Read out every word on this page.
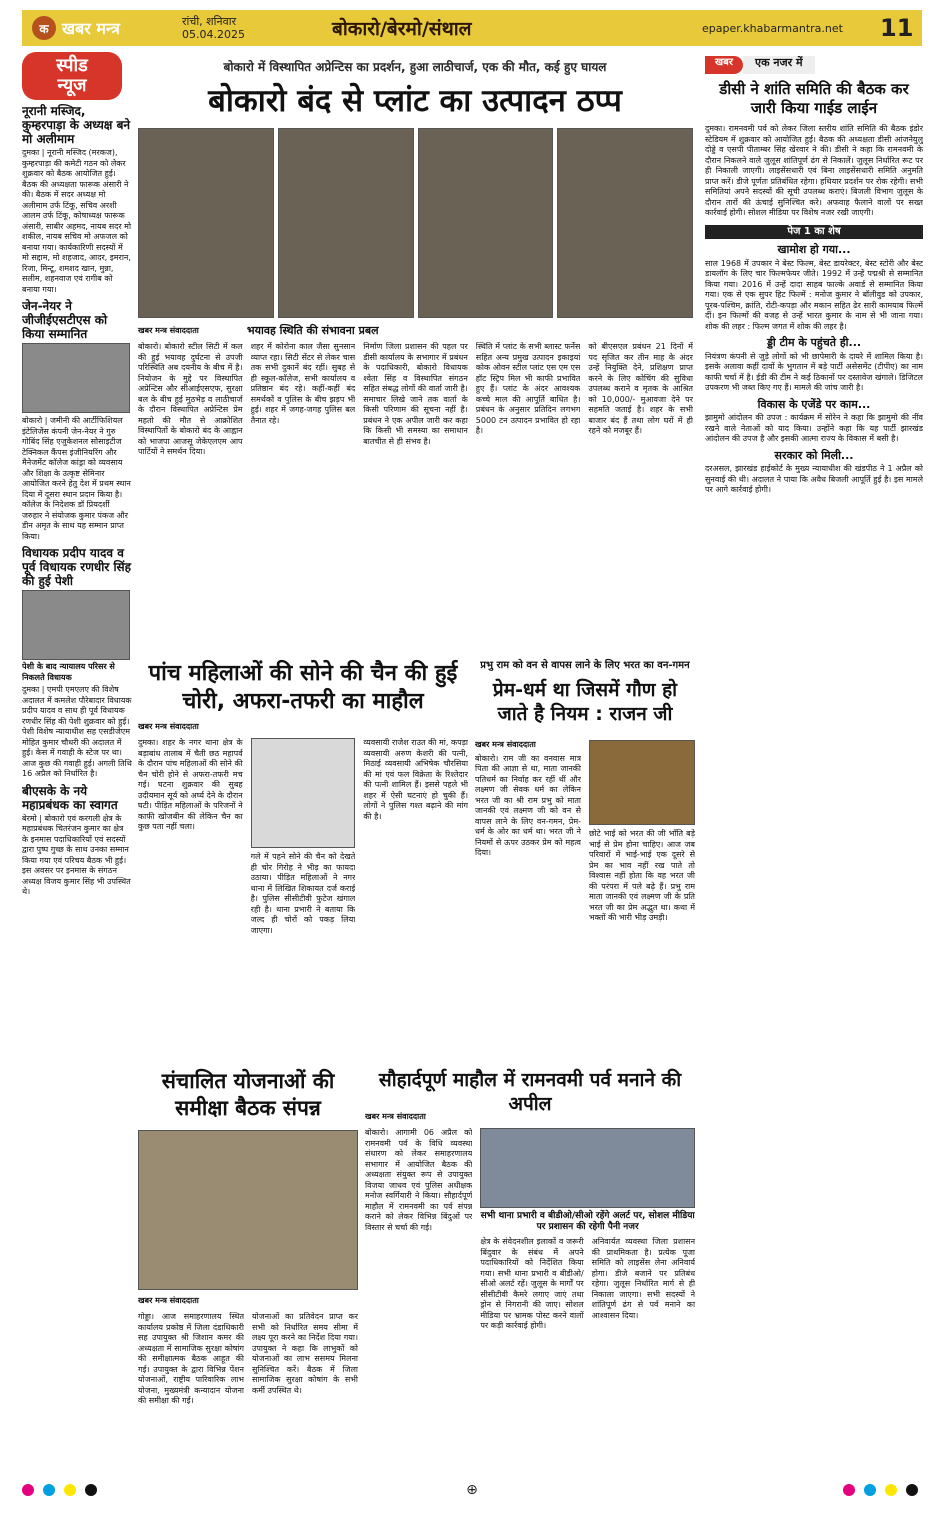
क खबर मन्त्र	रांची, शनिवार
05.04.2025	बोकारो/बेरमो/संथाल	epaper.khabarmantra.net	11
स्पीड
न्यूज
नूरानी मस्जिद, कुम्हरपाड़ा के अध्यक्ष बने मो अलीमाम
दुमका | नूरानी मस्जिद (मरकज), कुम्हरपाड़ा की कमेटी गठन को लेकर शुक्रवार को बैठक आयोजित हुई। बैठक की अध्यक्षता फारूक अंसारी ने की। बैठक में सदर अध्यक्ष मो अलीमाम उर्फ टिंकू, सचिव अरशी आलम उर्फ टिंकू, कोषाध्यक्ष फारूक अंसारी, साबीर अहमद, नायब सदर मो शकील, नायब सचिव मो अफजल को बनाया गया। कार्यकारिणी सदस्यों में मो सद्दाम, मो शहजाद, आदर, इमरान, रिजा, मिन्टू, शमशद खान, मुन्ना, सलीम, शहनवाज एवं रागीब को बनाया गया।
जेन-नेयर ने जीजीईएसटीएस को किया सम्मानित
बोकारो | जमीनी की आर्टीफिशियल इंटेलिजेंस कंपनी जेन-नेयर ने गुरु गोबिंद सिंह एजुकेशनल सोसाइटीज टेक्निकल कैंपस इंजीनियरिंग और मैनेजमेंट कॉलेज कांड्रा को व्यवसाय और शिक्षा के उत्कृष्ट सेमिनार आयोजित करने हेतु देश में प्रथम स्थान दिया में दूसरा स्थान प्रदान किया है। कॉलेज के निदेशक डॉ प्रियदर्शी जरुहार ने संयोजक कुमार पंकज और डीन अमृत के साथ यह सम्मान प्राप्त किया।
विधायक प्रदीप यादव व पूर्व विधायक रणधीर सिंह की हुई पेशी
पेशी के बाद न्यायालय परिसर से निकलते विधायक
दुमका | एमपी एमएलए की विशेष अदालत में कमलेश पौरेबादार विधायक प्रदीप यादव व साथ ही पूर्व विधायक रणधीर सिंह की पेशी शुक्रवार को हुई। पेशी विशेष न्यायाधीश सह एसडीजेएम मोहित कुमार चौधरी की अदालत में हुई। केस में गवाही के स्टेज पर था। आज कुछ की गवाही हुई। अगली तिथि 16 अप्रैल को निर्धारित है।
बीएसके के नये महाप्रबंधक का स्वागत
बेरमो | बोकारो एवं करगली क्षेत्र के महाप्रबंधक चितरंजन कुमार का क्षेत्र के इनमास पदाधिकारियों एवं सदस्यों द्वारा पुष्प गुच्छ के साथ उनका सम्मान किया गया एवं परिचय बैठक भी हुई। इस अवसर पर इनमास के संगठन अध्यक्ष विजय कुमार सिंह भी उपस्थित थे।
बोकारो में विस्थापित अप्रेन्टिस का प्रदर्शन, हुआ लाठीचार्ज, एक की मौत, कई हुए घायल
बोकारो बंद से प्लांट का उत्पादन ठप्प
खबर मन्त्र संवाददाता	भयावह स्थिति की संभावना प्रबल
बोकारो। बोकारो स्टील सिटी में कल की हुई भयावह दुर्घटना से उपजी परिस्थिति अब दयनीय के बीच में है। नियोजन के मुद्दे पर विस्थापित अप्रेन्टिस और सीआईएसएफ, सुरक्षा बल के बीच हुई मुठभेड़ व लाठीचार्ज के दौरान विस्थापित अप्रेन्टिस प्रेम महतो की मौत से आक्रोशित विस्थापितों के बोकारो बंद के आह्वान को भाजपा आजसू जेकेएलएम आप पार्टियों ने समर्थन दिया।
शहर में कोरोना काल जैसा सुनसान व्याप्त रहा। सिटी सेंटर से लेकर चास तक सभी दुकानें बंद रहीं। सुबह से ही स्कूल-कॉलेज, सभी कार्यालय व प्रतिष्ठान बंद रहे। कहीं-कहीं बंद समर्थकों व पुलिस के बीच झड़प भी हुई। शहर में जगह-जगह पुलिस बल तैनात रहे।
निर्माण जिला प्रशासन की पहल पर डीसी कार्यालय के सभागार में प्रबंधन के पदाधिकारी, बोकारो विधायक श्वेता सिंह व विस्थापित संगठन सहित संबद्ध लोगों की वार्ता जारी है। समाचार लिखे जाने तक वार्ता के किसी परिणाम की सूचना नहीं है। प्रबंधन ने एक अपील जारी कर कहा कि किसी भी समस्या का समाधान बातचीत से ही संभव है।
स्थिति में प्लांट के सभी ब्लास्ट फर्नेस सहित अन्य प्रमुख उत्पादन इकाइयां कोक ओवन स्टील प्लांट एस एम एस हॉट स्ट्रिप मिल भी काफी प्रभावित हुए हैं। प्लांट के अंदर आवश्यक कच्चे माल की आपूर्ति बाधित है। प्रबंधन के अनुसार प्रतिदिन लगभग 5000 टन उत्पादन प्रभावित हो रहा है।
को बीएसएल प्रबंधन 21 दिनों में पद सृजित कर तीन माह के अंदर उन्हें नियुक्ति देने, प्रशिक्षण प्राप्त करने के लिए कोचिंग की सुविधा उपलब्ध कराने व मृतक के आश्रित को 10,000/- मुआवजा देने पर सहमति जताई है। शहर के सभी बाजार बंद हैं तथा लोग घरों में ही रहने को मजबूर हैं।
पांच महिलाओं की सोने की चैन की हुई चोरी, अफरा-तफरी का माहौल
खबर मन्त्र संवाददाता
दुमका। शहर के नगर थाना क्षेत्र के बड़ाबांध तालाब में चैती छठ महापर्व के दौरान पांच महिलाओं की सोने की चैन चोरी होने से अफरा-तफरी मच गई। घटना शुक्रवार की सुबह उदीयमान सूर्य को अर्घ्य देने के दौरान घटी। पीड़ित महिलाओं के परिजनों ने काफी खोजबीन की लेकिन चैन का कुछ पता नहीं चला।
गले में पहने सोने की चैन को देखते ही चोर गिरोह ने भीड़ का फायदा उठाया। पीड़ित महिलाओं ने नगर थाना में लिखित शिकायत दर्ज कराई है। पुलिस सीसीटीवी फुटेज खंगाल रही है। थाना प्रभारी ने बताया कि जल्द ही चोरों को पकड़ लिया जाएगा।
व्यवसायी राजेश राउत की मां, कपड़ा व्यवसायी अरुण केशरी की पत्नी, मिठाई व्यवसायी अभिषेक चौरसिया की मां एवं फल विक्रेता के रिश्तेदार की पत्नी शामिल हैं। इससे पहले भी शहर में ऐसी घटनाएं हो चुकी हैं। लोगों ने पुलिस गश्त बढ़ाने की मांग की है।
प्रभु राम को वन से वापस लाने के लिए भरत का वन-गमन
प्रेम-धर्म था जिसमें गौण हो जाते है नियम : राजन जी
खबर मन्त्र संवाददाता
बोकारो। राम जी का वनवास मात्र पिता की आज्ञा से था, माता जानकी पतिधर्म का निर्वाह कर रहीं थीं और लक्ष्मण जी सेवक धर्म का लेकिन भरत जी का श्री राम प्रभु को माता जानकी एवं लक्ष्मण जी को वन से वापस लाने के लिए वन-गमन, प्रेम-धर्म के ओर का धर्म था। भरत जी ने नियमों से ऊपर उठकर प्रेम को महत्व दिया।
छोटे भाई को भरत की जी भाँति बड़े भाई से प्रेम होना चाहिए। आज जब परिवारों में भाई-भाई एक दूसरे से प्रेम का भाव नहीं रख पाते तो विश्वास नहीं होता कि वह भरत जी की परंपरा में पले बढ़े हैं। प्रभु राम माता जानकी एवं लक्ष्मण जी के प्रति भरत जी का प्रेम अद्भुत था। कथा में भक्तों की भारी भीड़ उमड़ी।
संचालित योजनाओं की समीक्षा बैठक संपन्न
खबर मन्त्र संवाददाता
गोड्डा। आज समाहरणालय स्थित कार्यालय प्रकोष्ठ में जिला दंडाधिकारी सह उपायुक्त श्री जिशान कमर की अध्यक्षता में सामाजिक सुरक्षा कोषांग की समीक्षात्मक बैठक आहूत की गई। उपायुक्त के द्वारा विभिन्न पेंशन योजनाओं, राष्ट्रीय पारिवारिक लाभ योजना, मुख्यमंत्री कन्यादान योजना की समीक्षा की गई।
योजनाओं का प्रतिवेदन प्राप्त कर सभी को निर्धारित समय सीमा में लक्ष्य पूरा करने का निर्देश दिया गया। उपायुक्त ने कहा कि लाभुकों को योजनाओं का लाभ ससमय मिलना सुनिश्चित करें। बैठक में जिला सामाजिक सुरक्षा कोषांग के सभी कर्मी उपस्थित थे।
सौहार्दपूर्ण माहौल में रामनवमी पर्व मनाने की अपील
खबर मन्त्र संवाददाता
बोकारो। आगामी 06 अप्रैल को रामनवमी पर्व के विधि व्यवस्था संधारण को लेकर समाहरणालय सभागार में आयोजित बैठक की अध्यक्षता संयुक्त रूप से उपायुक्त विजया जाधव एवं पुलिस अधीक्षक मनोज स्वर्गियारी ने किया। सौहार्दपूर्ण माहौल में रामनवमी का पर्व संपन्न कराने को लेकर विभिन्न बिंदुओं पर विस्तार से चर्चा की गई।
सभी थाना प्रभारी व बीडीओ/सीओ रहेंगे अलर्ट पर, सोशल मीडिया पर प्रशासन की रहेगी पैनी नजर
क्षेत्र के संवेदनशील इलाकों व जरूरी बिंदुवार के संबंध में अपने पदाधिकारियों को निर्देशित किया गया। सभी थाना प्रभारी व बीडीओ/सीओ अलर्ट रहें। जुलूस के मार्गों पर सीसीटीवी कैमरे लगाए जाएं तथा ड्रोन से निगरानी की जाए। सोशल मीडिया पर भ्रामक पोस्ट करने वालों पर कड़ी कार्रवाई होगी।
अनिवार्यत व्यवस्था जिला प्रशासन की प्राथमिकता है। प्रत्येक पूजा समिति को लाइसेंस लेना अनिवार्य होगा। डीजे बजाने पर प्रतिबंध रहेगा। जुलूस निर्धारित मार्ग से ही निकाला जाएगा। सभी सदस्यों ने शांतिपूर्ण ढंग से पर्व मनाने का आश्वासन दिया।
खबर	एक नजर में
डीसी ने शांति समिति की बैठक कर जारी किया गाईड लाईन
दुमका। रामनवमी पर्व को लेकर जिला स्तरीय शांति समिति की बैठक इंडोर स्टेडियम में शुक्रवार को आयोजित हुई। बैठक की अध्यक्षता डीसी आंजनेयुलु दोड्डे व एसपी पीताम्बर सिंह खेरवार ने की। डीसी ने कहा कि रामनवमी के दौरान निकलने वाले जुलूस शांतिपूर्ण ढंग से निकालें। जुलूस निर्धारित रूट पर ही निकाली जाएगी। लाइसेंसधारी एवं बिना लाइसेंसधारी समिति अनुमति प्राप्त करें। डीजे पूर्णतः प्रतिबंधित रहेगा। हथियार प्रदर्शन पर रोक रहेगी। सभी समितियां अपने सदस्यों की सूची उपलब्ध कराएं। बिजली विभाग जुलूस के दौरान तारों की ऊंचाई सुनिश्चित करे। अफवाह फैलाने वालों पर सख्त कार्रवाई होगी। सोशल मीडिया पर विशेष नजर रखी जाएगी।
पेज 1 का शेष
खामोश हो गया...
साल 1968 में उपकार ने बेस्ट फिल्म, बेस्ट डायरेक्टर, बेस्ट स्टोरी और बेस्ट डायलॉग के लिए चार फिल्मफेयर जीते। 1992 में उन्हें पद्मश्री से सम्मानित किया गया। 2016 में उन्हें दादा साहब फाल्के अवार्ड से सम्मानित किया गया। एक से एक सुपर हिट फिल्में : मनोज कुमार ने बॉलीवुड को उपकार, पूरब-पश्चिम, क्रांति, रोटी-कपड़ा और मकान सहित ढेर सारी कामयाब फिल्में दीं। इन फिल्मों की वजह से उन्हें भारत कुमार के नाम से भी जाना गया। शोक की लहर : फिल्म जगत में शोक की लहर है।
ड्डी टीम के पहुंचते ही...
नियंत्रण कंपनी से जुड़े लोगों को भी छापेमारी के दायरे में शामिल किया है। इसके अलावा कहीं दावों के भुगतान में बड़े पार्टी असेसमेंट (टीपीए) का नाम काफी चर्चा में है। ईडी की टीम ने कई ठिकानों पर दस्तावेज खंगाले। डिजिटल उपकरण भी जब्त किए गए हैं। मामले की जांच जारी है।
विकास के एजेंडे पर काम...
झामुमो आंदोलन की उपज : कार्यक्रम में सोरेन ने कहा कि झामुमो की नींव रखने वाले नेताओं को याद किया। उन्होंने कहा कि यह पार्टी झारखंड आंदोलन की उपज है और इसकी आत्मा राज्य के विकास में बसी है।
सरकार को मिली...
दरअसल, झारखंड हाईकोर्ट के मुख्य न्यायाधीश की खंडपीठ ने 1 अप्रैल को सुनवाई की थी। अदालत ने पाया कि अवैध बिजली आपूर्ति हुई है। इस मामले पर आगे कार्रवाई होगी।

⊕
